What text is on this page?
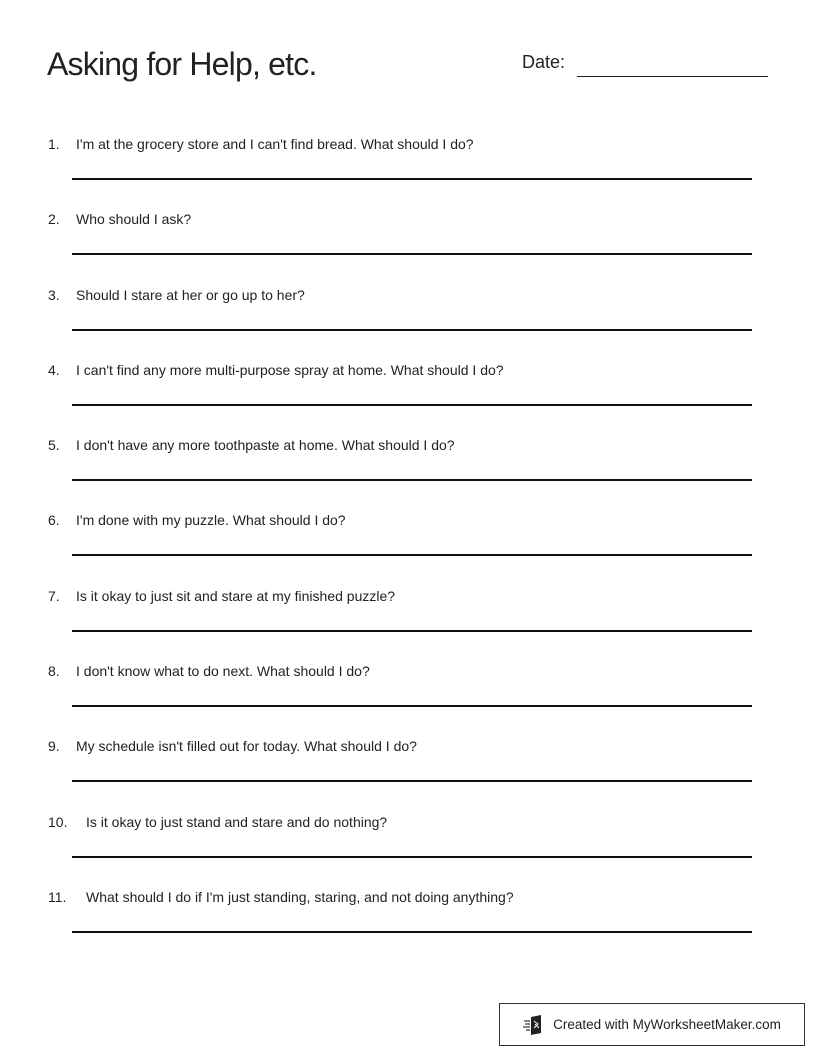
Asking for Help, etc.	Date:
1. I'm at the grocery store and I can't find bread. What should I do?
2. Who should I ask?
3. Should I stare at her or go up to her?
4. I can't find any more multi-purpose spray at home. What should I do?
5. I don't have any more toothpaste at home. What should I do?
6. I'm done with my puzzle. What should I do?
7. Is it okay to just sit and stare at my finished puzzle?
8. I don't know what to do next. What should I do?
9. My schedule isn't filled out for today. What should I do?
10. Is it okay to just stand and stare and do nothing?
11. What should I do if I'm just standing, staring, and not doing anything?
Created with MyWorksheetMaker.com
